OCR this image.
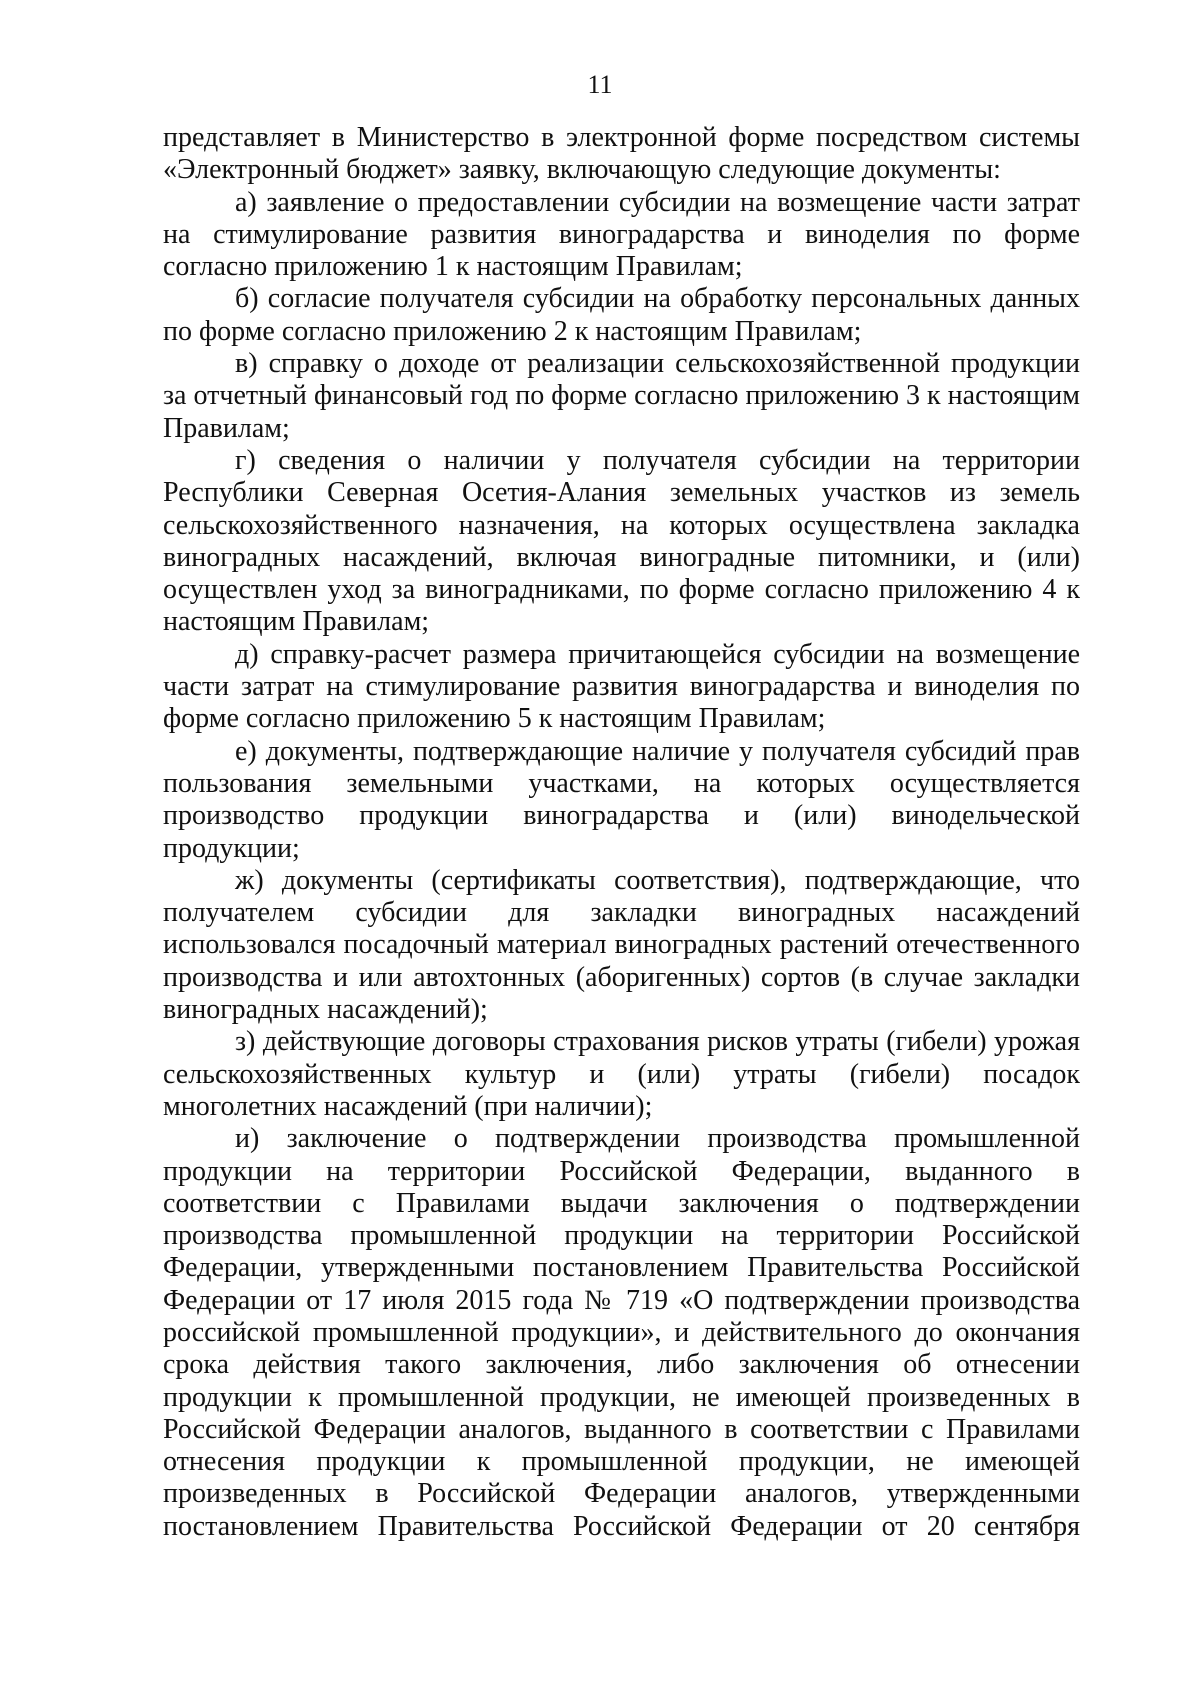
11

представляет в Министерство в электронной форме посредством системы «Электронный бюджет» заявку, включающую следующие документы:

а) заявление о предоставлении субсидии на возмещение части затрат на стимулирование развития виноградарства и виноделия по форме согласно приложению 1 к настоящим Правилам;

б) согласие получателя субсидии на обработку персональных данных по форме согласно приложению 2 к настоящим Правилам;

в) справку о доходе от реализации сельскохозяйственной продукции за отчетный финансовый год по форме согласно приложению 3 к настоящим Правилам;

г) сведения о наличии у получателя субсидии на территории Республики Северная Осетия-Алания земельных участков из земель сельскохозяйственного назначения, на которых осуществлена закладка виноградных насаждений, включая виноградные питомники, и (или) осуществлен уход за виноградниками, по форме согласно приложению 4 к настоящим Правилам;

д) справку-расчет размера причитающейся субсидии на возмещение части затрат на стимулирование развития виноградарства и виноделия по форме согласно приложению 5 к настоящим Правилам;

е) документы, подтверждающие наличие у получателя субсидий прав пользования земельными участками, на которых осуществляется производство продукции виноградарства и (или) винодельческой продукции;

ж) документы (сертификаты соответствия), подтверждающие, что получателем субсидии для закладки виноградных насаждений использовался посадочный материал виноградных растений отечественного производства и или автохтонных (аборигенных) сортов (в случае закладки виноградных насаждений);

з) действующие договоры страхования рисков утраты (гибели) урожая сельскохозяйственных культур и (или) утраты (гибели) посадок многолетних насаждений (при наличии);

и) заключение о подтверждении производства промышленной продукции на территории Российской Федерации, выданного в соответствии с Правилами выдачи заключения о подтверждении производства промышленной продукции на территории Российской Федерации, утвержденными постановлением Правительства Российской Федерации от 17 июля 2015 года № 719 «О подтверждении производства российской промышленной продукции», и действительного до окончания срока действия такого заключения, либо заключения об отнесении продукции к промышленной продукции, не имеющей произведенных в Российской Федерации аналогов, выданного в соответствии с Правилами отнесения продукции к промышленной продукции, не имеющей произведенных в Российской Федерации аналогов, утвержденными постановлением Правительства Российской Федерации от 20 сентября
